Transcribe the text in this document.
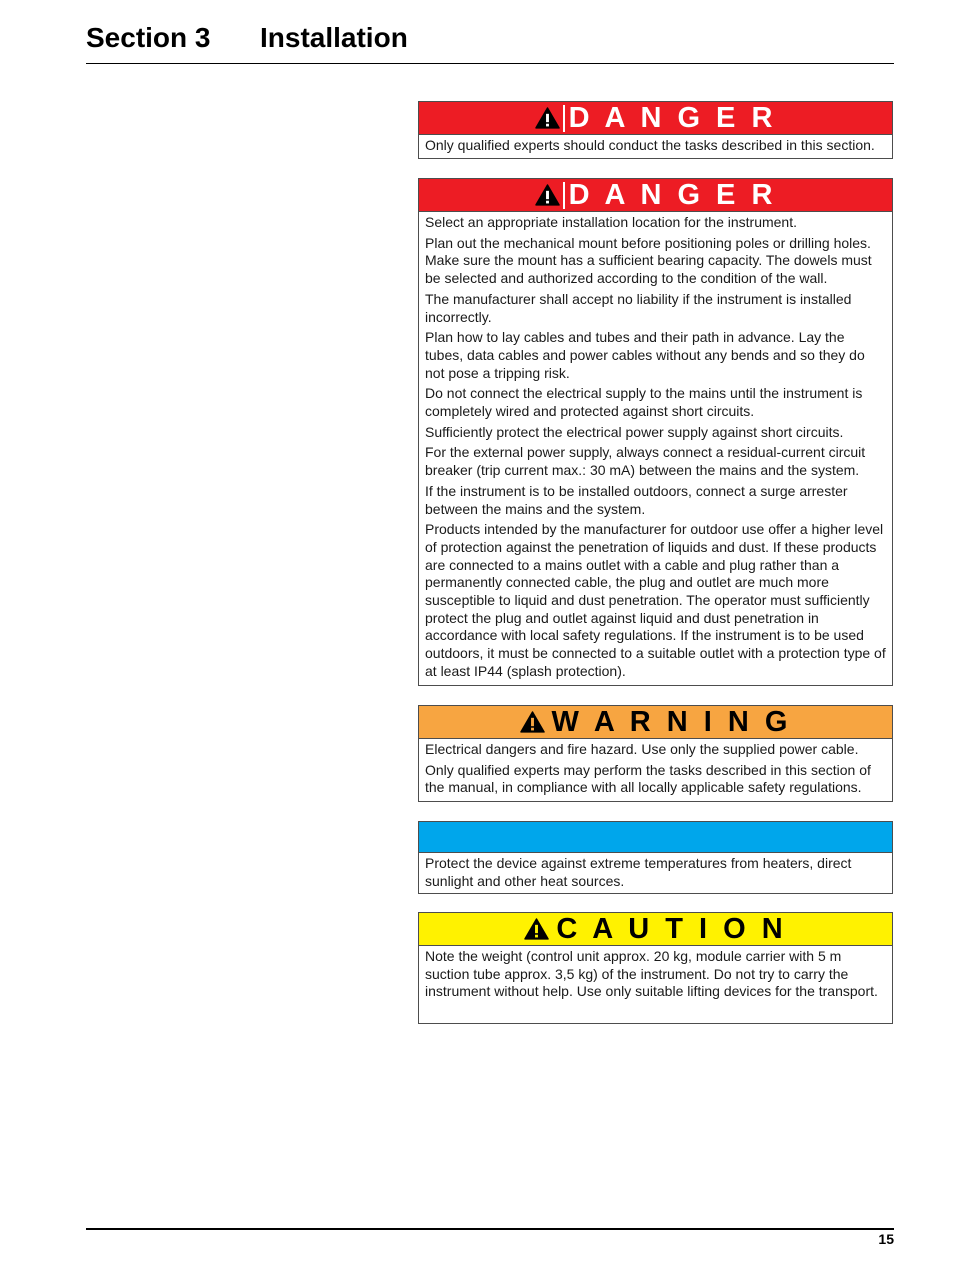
Section 3 Installation
D A N G E R

Only qualified experts should conduct the tasks described in this section.

D A N G E R

Select an appropriate installation location for the instrument.

Plan out the mechanical mount before positioning poles or drilling holes. Make sure the mount has a sufficient bearing capacity. The dowels must be selected and authorized according to the condition of the wall.

The manufacturer shall accept no liability if the instrument is installed incorrectly.

Plan how to lay cables and tubes and their path in advance. Lay the tubes, data cables and power cables without any bends and so they do not pose a tripping risk.

Do not connect the electrical supply to the mains until the instrument is completely wired and protected against short circuits.

Sufficiently protect the electrical power supply against short circuits.

For the external power supply, always connect a residual-current circuit breaker (trip current max.: 30 mA) between the mains and the system.

If the instrument is to be installed outdoors, connect a surge arrester between the mains and the system.

Products intended by the manufacturer for outdoor use offer a higher level of protection against the penetration of liquids and dust. If these products are connected to a mains outlet with a cable and plug rather than a permanently connected cable, the plug and outlet are much more susceptible to liquid and dust penetration. The operator must sufficiently protect the plug and outlet against liquid and dust penetration in accordance with local safety regulations. If the instrument is to be used outdoors, it must be connected to a suitable outlet with a protection type of at least IP44 (splash protection).

W A R N I N G

Electrical dangers and fire hazard. Use only the supplied power cable.

Only qualified experts may perform the tasks described in this section of the manual, in compliance with all locally applicable safety regulations.

Protect the device against extreme temperatures from heaters, direct sunlight and other heat sources.

C A U T I O N

Note the weight (control unit approx. 20 kg, module carrier with 5 m suction tube approx. 3,5 kg) of the instrument. Do not try to carry the instrument without help. Use only suitable lifting devices for the transport.

15
